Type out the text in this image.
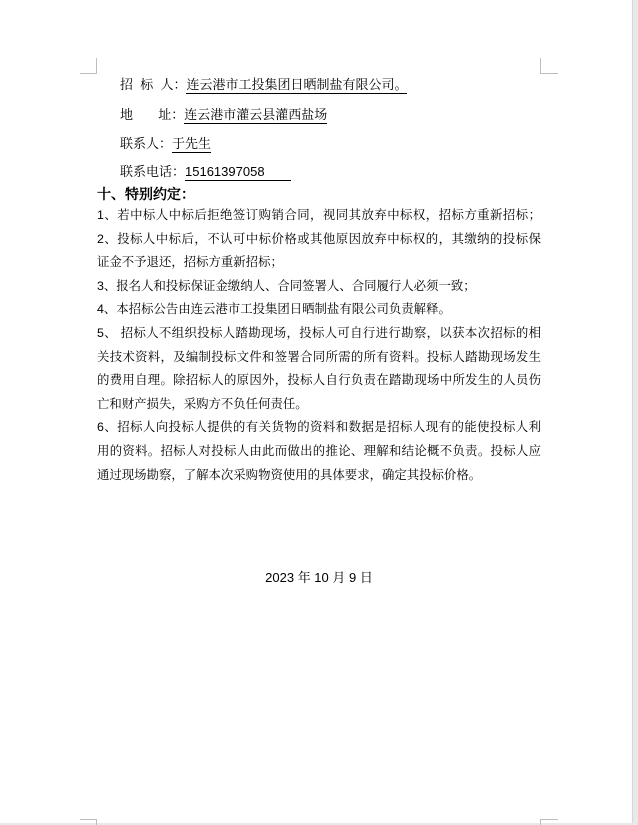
招  标  人：连云港市工投集团日晒制盐有限公司。
地       址：连云港市灌云县灌西盐场
联系人：于先生
联系电话：15161397058
十、特别约定：
1、若中标人中标后拒绝签订购销合同，视同其放弃中标权，招标方重新招标；
2、投标人中标后，不认可中标价格或其他原因放弃中标权的，其缴纳的投标保
证金不予退还，招标方重新招标；
3、报名人和投标保证金缴纳人、合同签署人、合同履行人必须一致；
4、本招标公告由连云港市工投集团日晒制盐有限公司负责解释。
5、 招标人不组织投标人踏勘现场，投标人可自行进行勘察，以获本次招标的相
关技术资料，及编制投标文件和签署合同所需的所有资料。投标人踏勘现场发生
的费用自理。除招标人的原因外，投标人自行负责在踏勘现场中所发生的人员伤
亡和财产损失，采购方不负任何责任。
6、招标人向投标人提供的有关货物的资料和数据是招标人现有的能使投标人利
用的资料。招标人对投标人由此而做出的推论、理解和结论概不负责。投标人应
通过现场勘察，了解本次采购物资使用的具体要求，确定其投标价格。
2023 年 10 月 9 日
